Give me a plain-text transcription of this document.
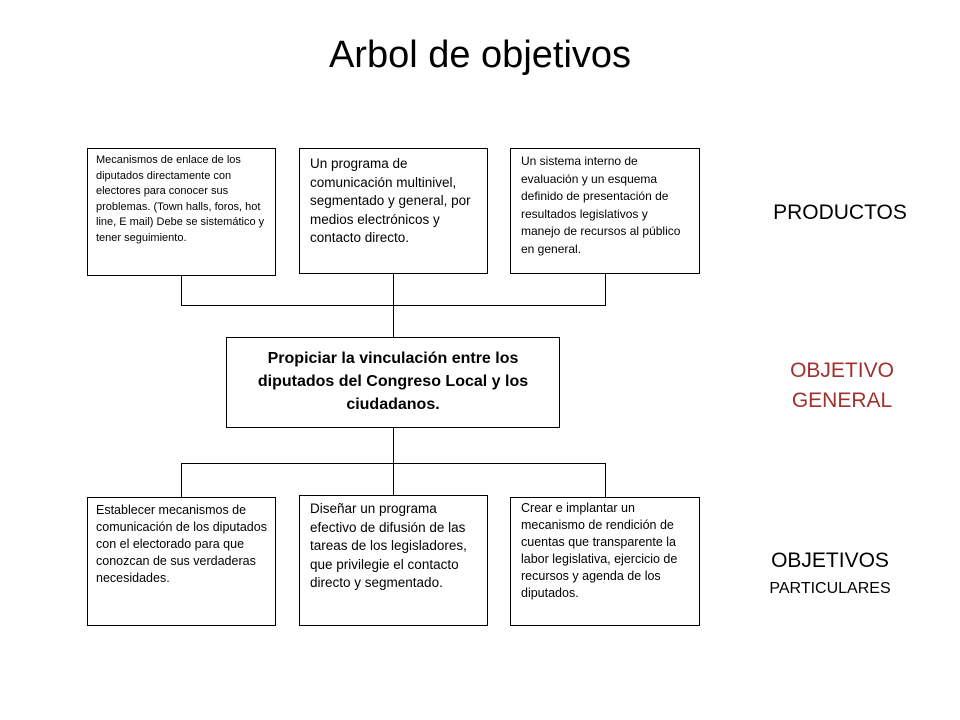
Arbol de objetivos
Mecanismos de enlace de los diputados directamente con electores para conocer sus problemas. (Town halls, foros, hot line, E mail) Debe se sistemático y tener seguimiento.
Un programa de comunicación multinivel, segmentado y general, por medios electrónicos y contacto directo.
Un sistema interno de evaluación y un esquema definido de presentación de resultados legislativos y manejo de recursos al público en general.
Propiciar la vinculación entre los diputados del Congreso Local y los ciudadanos.
Establecer mecanismos de comunicación de los diputados con el electorado para que conozcan de sus verdaderas necesidades.
Diseñar un programa efectivo de difusión de las tareas de los legisladores, que privilegie el contacto directo y segmentado.
Crear e implantar un mecanismo de rendición de cuentas que transparente la labor legislativa, ejercicio de recursos y agenda de los diputados.
PRODUCTOS
OBJETIVO
GENERAL
OBJETIVOS
PARTICULARES
